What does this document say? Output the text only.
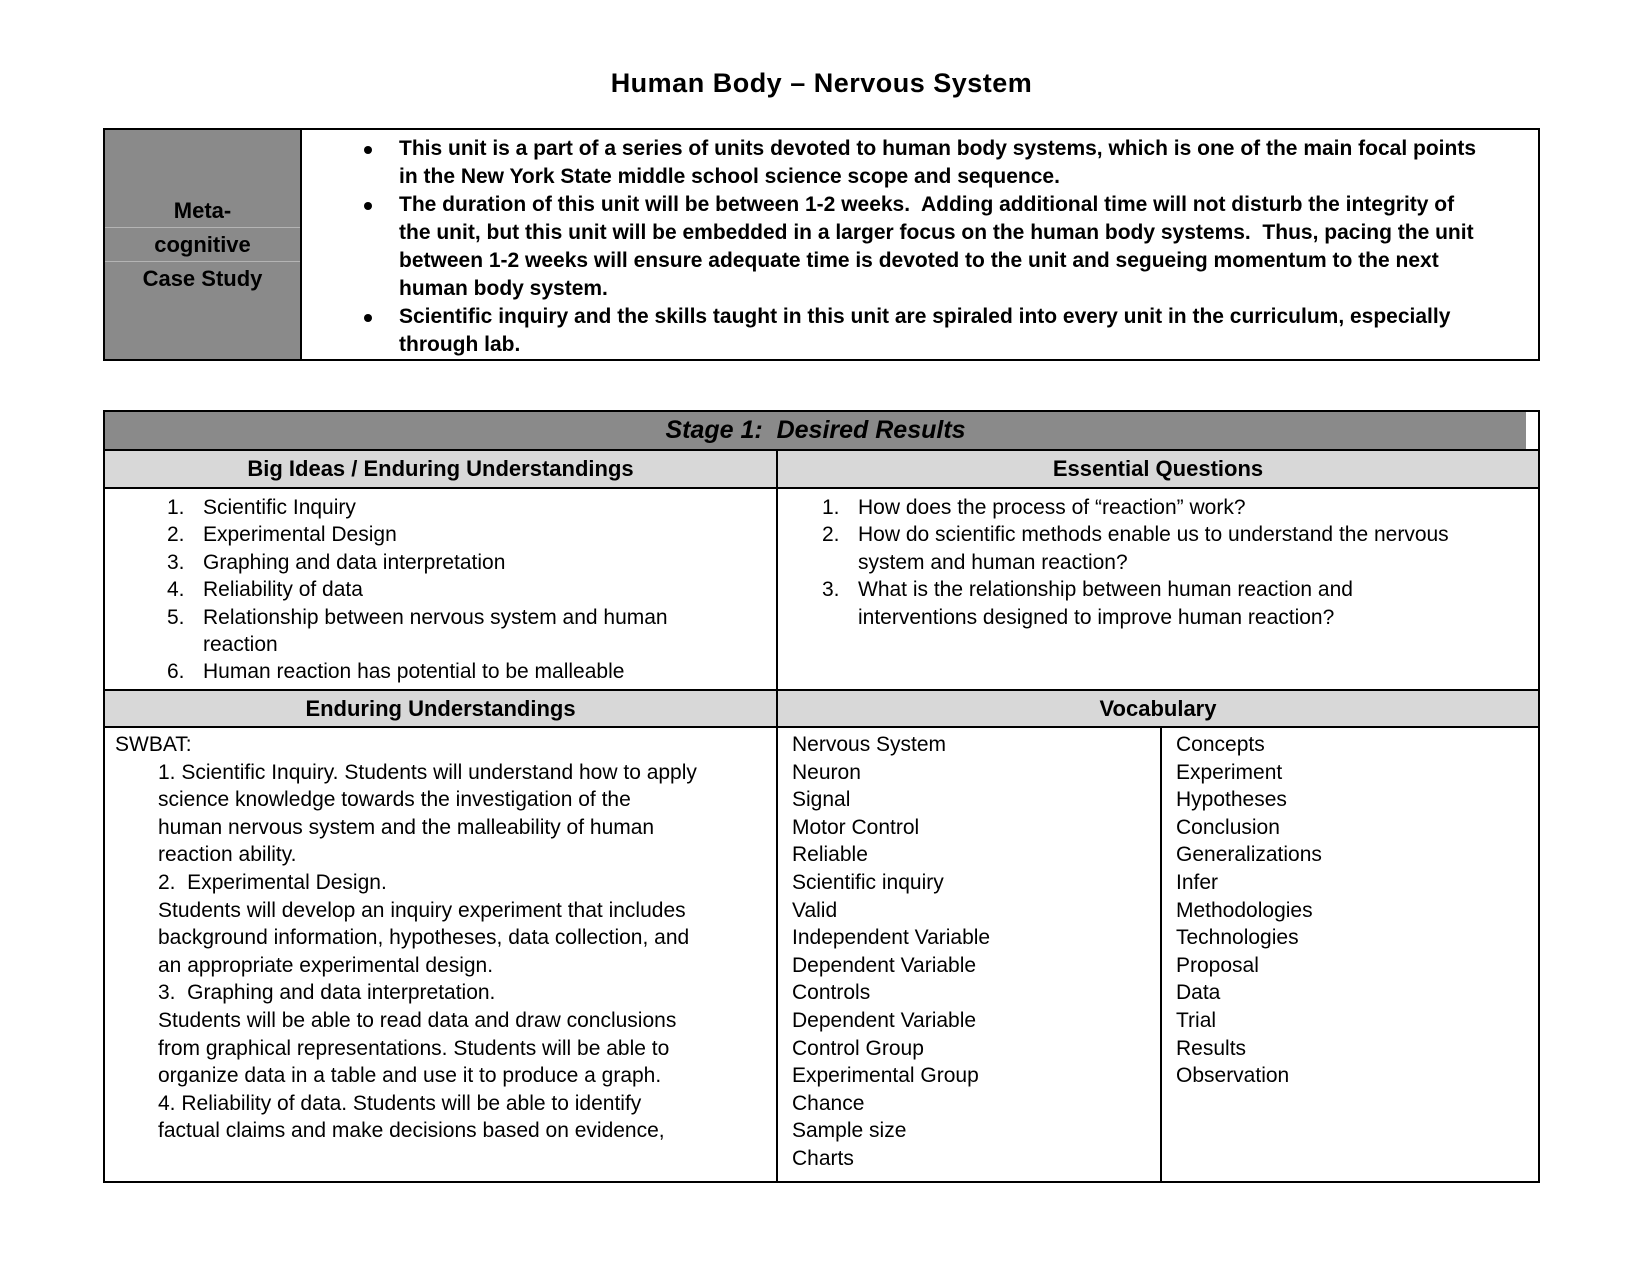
Human Body – Nervous System
Meta-
cognitive
Case Study
This unit is a part of a series of units devoted to human body systems, which is one of the main focal points in the New York State middle school science scope and sequence.
The duration of this unit will be between 1-2 weeks.  Adding additional time will not disturb the integrity of the unit, but this unit will be embedded in a larger focus on the human body systems.  Thus, pacing the unit between 1-2 weeks will ensure adequate time is devoted to the unit and segueing momentum to the next human body system.
Scientific inquiry and the skills taught in this unit are spiraled into every unit in the curriculum, especially through lab.
Stage 1:  Desired Results
Big Ideas / Enduring Understandings	Essential Questions
1. Scientific Inquiry
2. Experimental Design
3. Graphing and data interpretation
4. Reliability of data
5. Relationship between nervous system and human reaction
6. Human reaction has potential to be malleable
1. How does the process of “reaction” work?
2. How do scientific methods enable us to understand the nervous system and human reaction?
3. What is the relationship between human reaction and interventions designed to improve human reaction?
Enduring Understandings	Vocabulary
SWBAT:

1. Scientific Inquiry. Students will understand how to apply science knowledge towards the investigation of the human nervous system and the malleability of human reaction ability.

2.  Experimental Design.

Students will develop an inquiry experiment that includes background information, hypotheses, data collection, and an appropriate experimental design.

3.  Graphing and data interpretation.

Students will be able to read data and draw conclusions from graphical representations. Students will be able to organize data in a table and use it to produce a graph.

4. Reliability of data. Students will be able to identify factual claims and make decisions based on evidence,

Nervous System
Neuron
Signal
Motor Control
Reliable
Scientific inquiry
Valid
Independent Variable
Dependent Variable
Controls
Dependent Variable
Control Group
Experimental Group
Chance
Sample size
Charts
Concepts
Experiment
Hypotheses
Conclusion
Generalizations
Infer
Methodologies
Technologies
Proposal
Data
Trial
Results
Observation
